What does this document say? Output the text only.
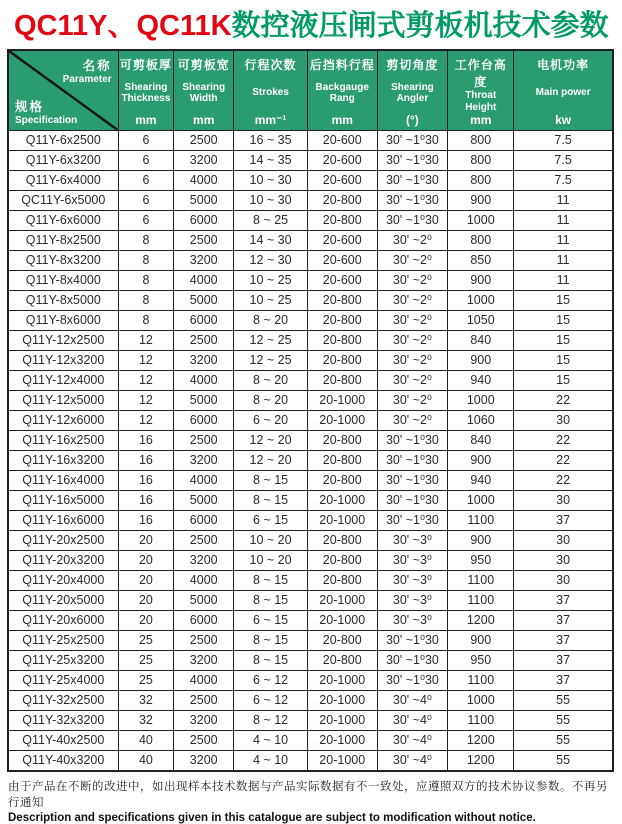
QC11Y、QC11K数控液压闸式剪板机技术参数
名称
Parameter
规格
Specification

可剪板厚
Shearing Thickness
mm

可剪板宽
Shearing Width
mm

行程次数
Strokes
mm⁻¹

后挡料行程
Backgauge Rang
mm

剪切角度
Shearing Angler
(°)

工作台高度
Throat Height
mm

电机功率
Main power
kw

Q11Y-6x2500	6	2500	16 ~ 35	20-600	30' ~1⁰30	800	7.5
Q11Y-6x3200	6	3200	14 ~ 35	20-600	30' ~1⁰30	800	7.5
Q11Y-6x4000	6	4000	10 ~ 30	20-600	30' ~1⁰30	800	7.5
QC11Y-6x5000	6	5000	10 ~ 30	20-800	30' ~1⁰30	900	11
Q11Y-6x6000	6	6000	8 ~ 25	20-800	30' ~1⁰30	1000	11
Q11Y-8x2500	8	2500	14 ~ 30	20-600	30' ~2⁰	800	11
Q11Y-8x3200	8	3200	12 ~ 30	20-600	30' ~2⁰	850	11
Q11Y-8x4000	8	4000	10 ~ 25	20-600	30' ~2⁰	900	11
Q11Y-8x5000	8	5000	10 ~ 25	20-800	30' ~2⁰	1000	15
Q11Y-8x6000	8	6000	8 ~ 20	20-800	30' ~2⁰	1050	15
Q11Y-12x2500	12	2500	12 ~ 25	20-800	30' ~2⁰	840	15
Q11Y-12x3200	12	3200	12 ~ 25	20-800	30' ~2⁰	900	15
Q11Y-12x4000	12	4000	8 ~ 20	20-800	30' ~2⁰	940	15
Q11Y-12x5000	12	5000	8 ~ 20	20-1000	30' ~2⁰	1000	22
Q11Y-12x6000	12	6000	6 ~ 20	20-1000	30' ~2⁰	1060	30
Q11Y-16x2500	16	2500	12 ~ 20	20-800	30' ~1⁰30	840	22
Q11Y-16x3200	16	3200	12 ~ 20	20-800	30' ~1⁰30	900	22
Q11Y-16x4000	16	4000	8 ~ 15	20-800	30' ~1⁰30	940	22
Q11Y-16x5000	16	5000	8 ~ 15	20-1000	30' ~1⁰30	1000	30
Q11Y-16x6000	16	6000	6 ~ 15	20-1000	30' ~1⁰30	1100	37
Q11Y-20x2500	20	2500	10 ~ 20	20-800	30' ~3⁰	900	30
Q11Y-20x3200	20	3200	10 ~ 20	20-800	30' ~3⁰	950	30
Q11Y-20x4000	20	4000	8 ~ 15	20-800	30' ~3⁰	1100	30
Q11Y-20x5000	20	5000	8 ~ 15	20-1000	30' ~3⁰	1100	37
Q11Y-20x6000	20	6000	6 ~ 15	20-1000	30' ~3⁰	1200	37
Q11Y-25x2500	25	2500	8 ~ 15	20-800	30' ~1⁰30	900	37
Q11Y-25x3200	25	3200	8 ~ 15	20-800	30' ~1⁰30	950	37
Q11Y-25x4000	25	4000	6 ~ 12	20-1000	30' ~1⁰30	1100	37
Q11Y-32x2500	32	2500	6 ~ 12	20-1000	30' ~4⁰	1000	55
Q11Y-32x3200	32	3200	8 ~ 12	20-1000	30' ~4⁰	1100	55
Q11Y-40x2500	40	2500	4 ~ 10	20-1000	30' ~4⁰	1200	55
Q11Y-40x3200	40	3200	4 ~ 10	20-1000	30' ~4⁰	1200	55
由于产品在不断的改进中，如出现样本技术数据与产品实际数据有不一致处，应遵照双方的技术协议参数。不再另行通知
Description and specifications given in this catalogue are subject to modification without notice.
